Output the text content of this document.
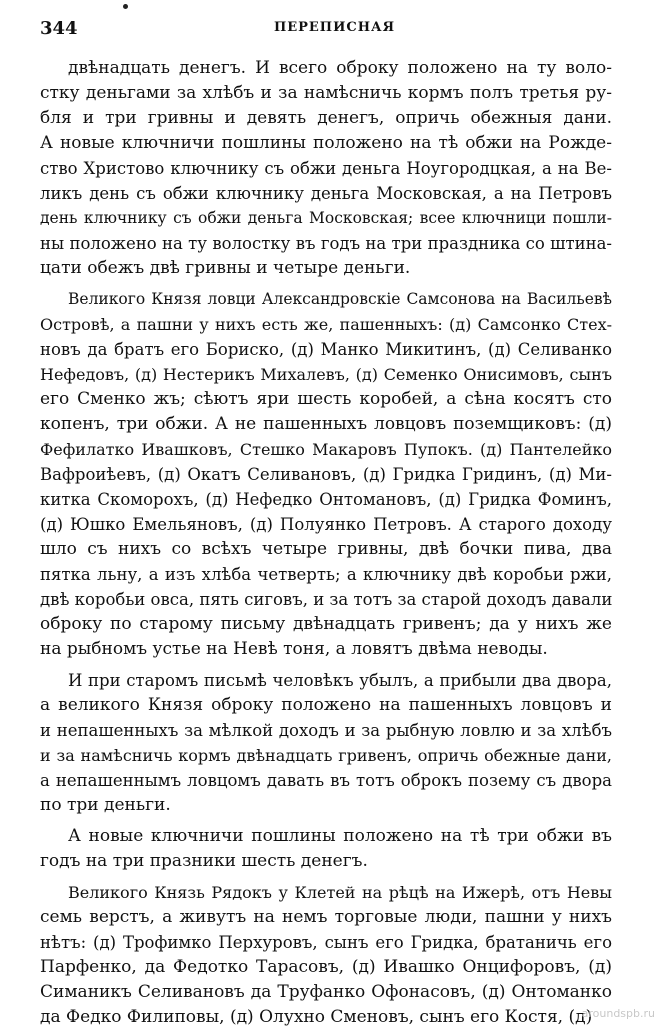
344	ПЕРЕПИСНАЯ
двѣнадцать денегъ. И всего оброку положено на ту воло-
стку деньгами за хлѣбъ и за намѣсничь кормъ полъ третья ру-
бля и три гривны и девять денегъ, опричь обежныя дани.
А новые ключничи пошлины положено на тѣ обжи на Рожде-
ство Христово ключнику съ обжи деньга Ноугородцкая, а на Ве-
ликъ день съ обжи ключнику деньга Московская, а на Петровъ
день ключнику съ обжи деньга Московская; всее ключници пошли-
ны положено на ту волостку въ годъ на три праздника со штина-
цати обежъ двѣ гривны и четыре деньги.
Великого Князя ловци Александровскіе Самсонова на Васильевѣ
Островѣ, а пашни у нихъ есть же, пашенныхъ: (д) Самсонко Стех-
новъ да братъ его Бориско, (д) Манко Микитинъ, (д) Селиванко
Нефедовъ, (д) Нестерикъ Михалевъ, (д) Семенко Онисимовъ, сынъ
его Сменко жъ; сѣютъ яри шесть коробей, а сѣна косятъ сто
копенъ, три обжи. А не пашенныхъ ловцовъ поземщиковъ: (д)
Фефилатко Ивашковъ, Стешко Макаровъ Пупокъ. (д) Пантелейко
Вафроиѣевъ, (д) Окатъ Селивановъ, (д) Гридка Гридинъ, (д) Ми-
китка Скоморохъ, (д) Нефедко Онтомановъ, (д) Гридка Фоминъ,
(д) Юшко Емельяновъ, (д) Полуянко Петровъ. А старого доходу
шло съ нихъ со всѣхъ четыре гривны, двѣ бочки пива, два
пятка льну, а изъ хлѣба четверть; а ключнику двѣ коробьи ржи,
двѣ коробьи овса, пять сиговъ, и за тотъ за старой доходъ давали
оброку по старому письму двѣнадцать гривенъ; да у нихъ же
на рыбномъ устье на Невѣ тоня, а ловятъ двѣма неводы.
И при старомъ письмѣ человѣкъ убылъ, а прибыли два двора,
а великого Князя оброку положено на пашенныхъ ловцовъ и
и непашенныхъ за мѣлкой доходъ и за рыбную ловлю и за хлѣбъ
и за намѣсничь кормъ двѣнадцать гривенъ, опричь обежные дани,
а непашеннымъ ловцомъ давать въ тотъ оброкъ позему съ двора
по три деньги.
А новые ключничи пошлины положено на тѣ три обжи въ
годъ на три празники шесть денегъ.
Великого Князь Рядокъ у Клетей на рѣцѣ на Ижерѣ, отъ Невы
семь верстъ, а живутъ на немъ торговые люди, пашни у нихъ
нѣтъ: (д) Трофимко Перхуровъ, сынъ его Гридка, братаничь его
Парфенко, да Федотко Тарасовъ, (д) Ивашко Онцифоровъ, (д)
Симаникъ Селивановъ да Труфанко Офонасовъ, (д) Онтоманко
да Федко Филиповы, (д) Олухно Сменовъ, сынъ его Костя, (д)
aroundspb.ru
